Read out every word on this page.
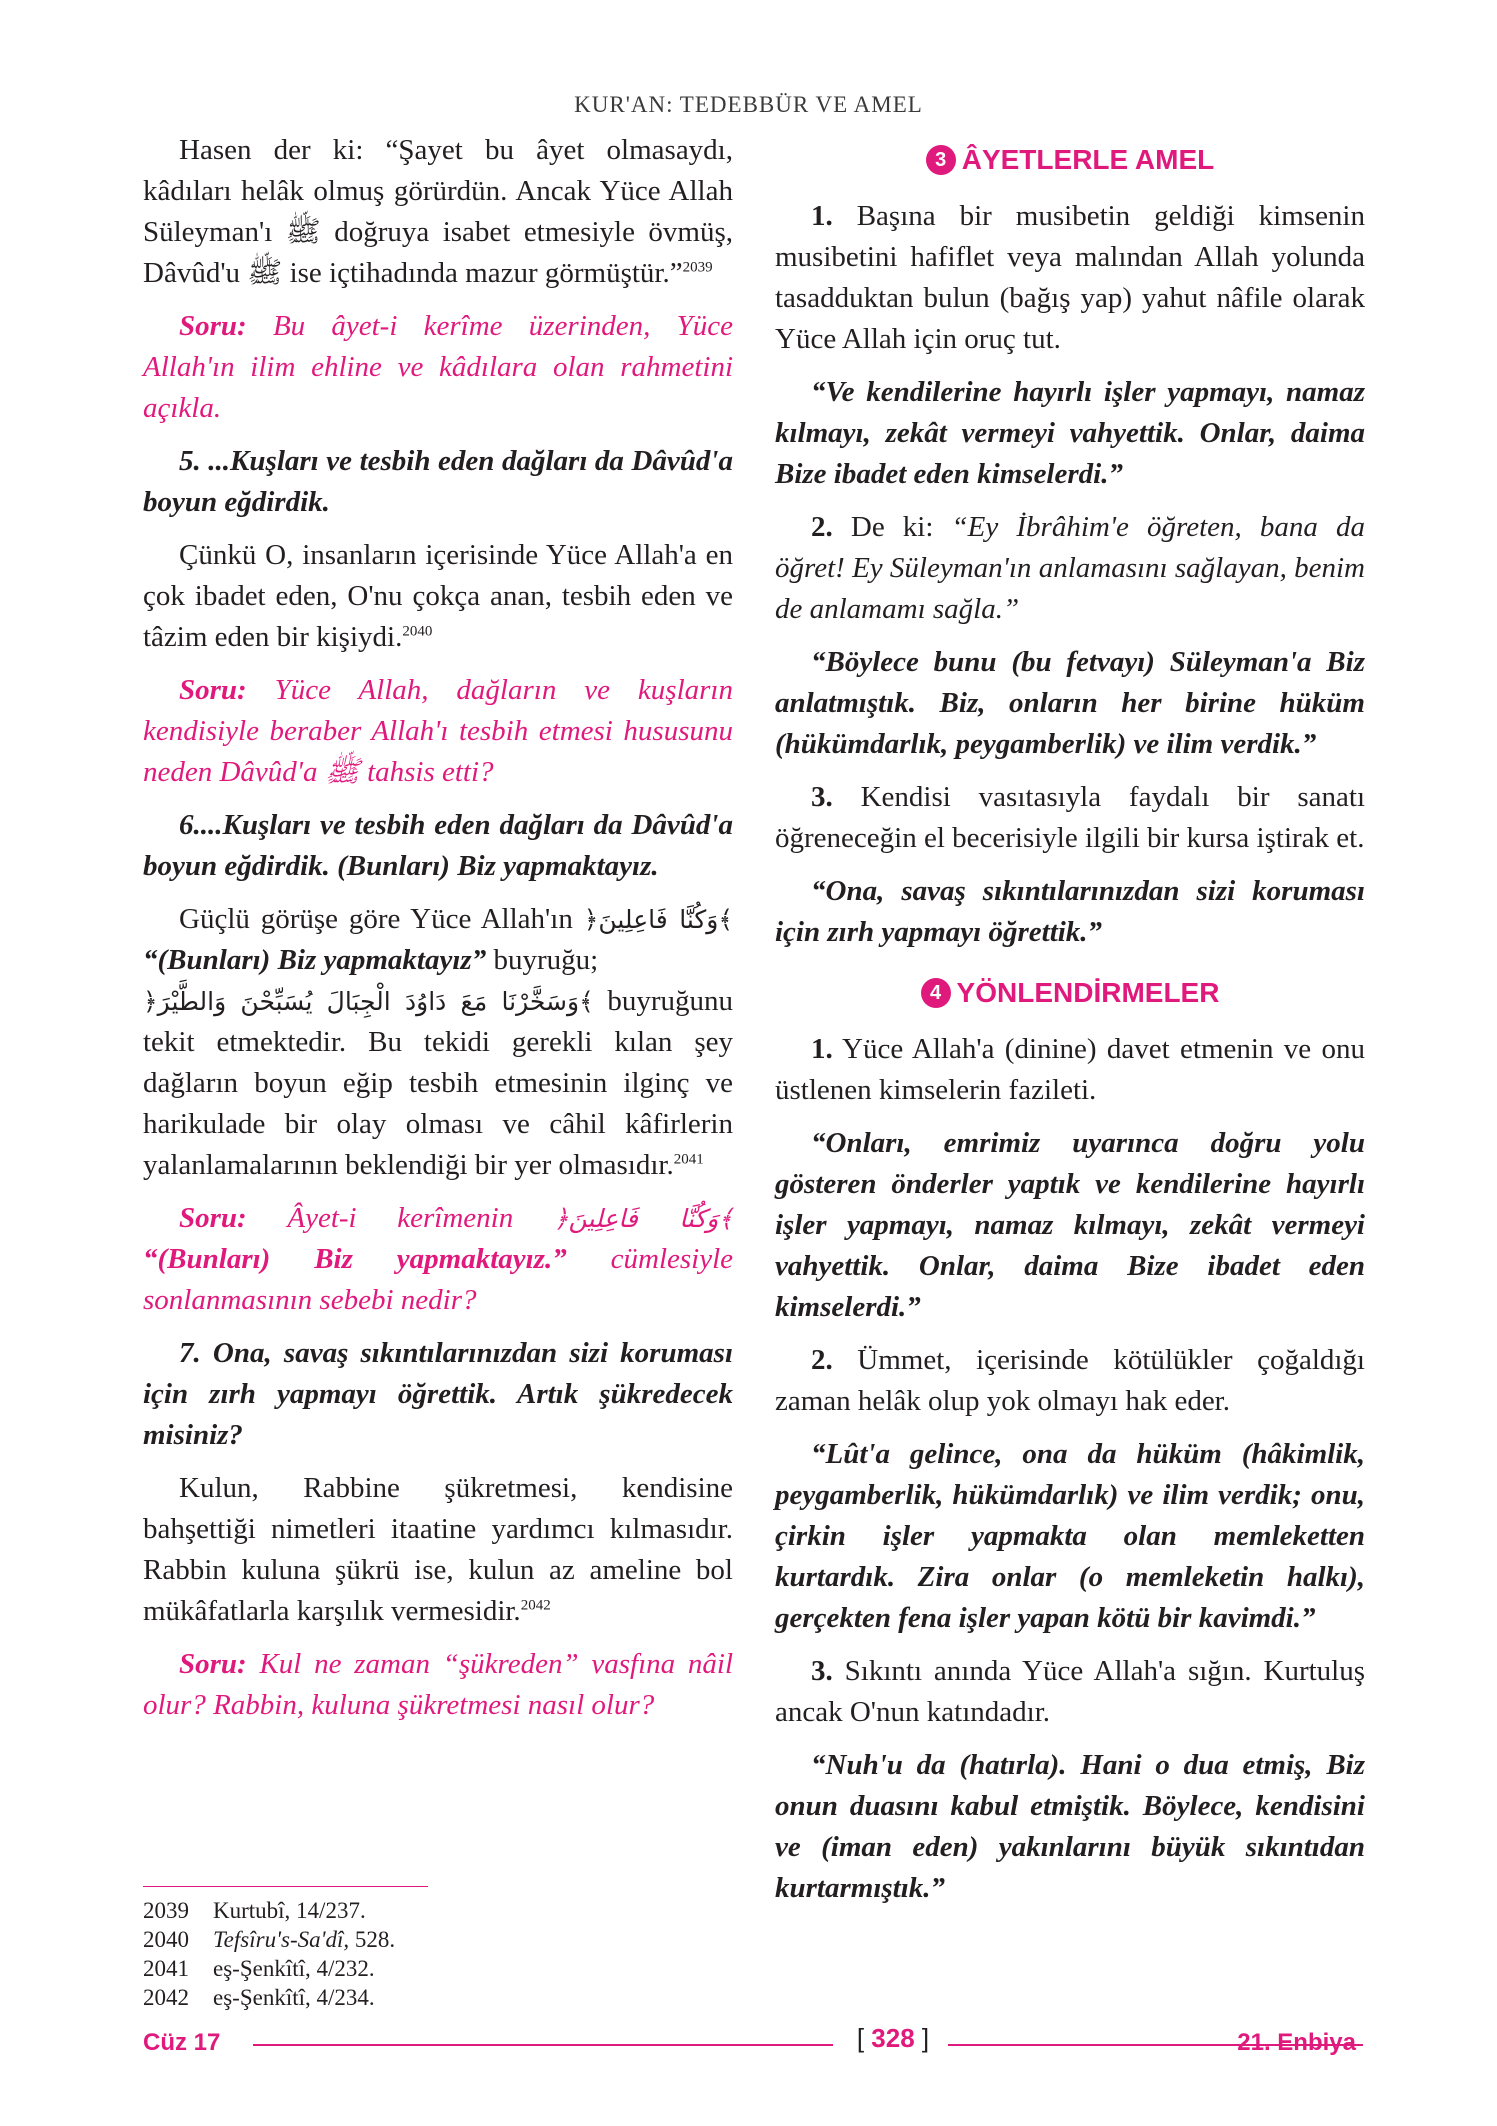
KUR'AN: TEDEBBÜR VE AMEL

Hasen der ki: “Şayet bu âyet olmasaydı, kâdıları helâk olmuş görürdün. Ancak Yüce Allah Süleyman'ı ﷺ doğruya isabet etmesiyle övmüş, Dâvûd'u ﷺ ise içtihadında mazur görmüştür.”$^{2039}$

Soru: Bu âyet-i kerîme üzerinden, Yüce Allah'ın ilim ehline ve kâdılara olan rahmetini açıkla.

5. ...Kuşları ve tesbih eden dağları da Dâvûd'a boyun eğdirdik.

Çünkü O, insanların içerisinde Yüce Allah'a en çok ibadet eden, O'nu çokça anan, tesbih eden ve tâzim eden bir kişiydi.$^{2040}$

Soru: Yüce Allah, dağların ve kuşların kendisiyle beraber Allah'ı tesbih etmesi hususunu neden Dâvûd'a ﷺ tahsis etti?

6....Kuşları ve tesbih eden dağları da Dâvûd'a boyun eğdirdik. (Bunları) Biz yapmaktayız.

Güçlü görüşe göre Yüce Allah'ın ﴿وَكُنَّا فَاعِلِينَ﴾ “(Bunları) Biz yapmaktayız” buyruğu;

﴿وَسَخَّرْنَا مَعَ دَاوُدَ الْجِبَالَ يُسَبِّحْنَ وَالطَّيْرَ﴾ buyruğunu tekit etmektedir. Bu tekidi gerekli kılan şey dağların boyun eğip tesbih etmesinin ilginç ve harikulade bir olay olması ve câhil kâfirlerin yalanlamalarının beklendiği bir yer olmasıdır.$^{2041}$

Soru: Âyet-i kerîmenin ﴿وَكُنَّا فَاعِلِينَ﴾ “(Bunları) Biz yapmaktayız.” cümlesiyle sonlanmasının sebebi nedir?

7. Ona, savaş sıkıntılarınızdan sizi koruması için zırh yapmayı öğrettik. Artık şükredecek misiniz?

Kulun, Rabbine şükretmesi, kendisine bahşettiği nimetleri itaatine yardımcı kılmasıdır. Rabbin kuluna şükrü ise, kulun az ameline bol mükâfatlarla karşılık vermesidir.$^{2042}$

Soru: Kul ne zaman “şükreden” vasfına nâil olur? Rabbin, kuluna şükretmesi nasıl olur?

3 ÂYETLERLE AMEL

1. Başına bir musibetin geldiği kimsenin musibetini hafiflet veya malından Allah yolunda tasadduktan bulun (bağış yap) yahut nâfile olarak Yüce Allah için oruç tut.

“Ve kendilerine hayırlı işler yapmayı, namaz kılmayı, zekât vermeyi vahyettik. Onlar, daima Bize ibadet eden kimselerdi.”

2. De ki: “Ey İbrâhim'e öğreten, bana da öğret! Ey Süleyman'ın anlamasını sağlayan, benim de anlamamı sağla.”

“Böylece bunu (bu fetvayı) Süleyman'a Biz anlatmıştık. Biz, onların her birine hüküm (hükümdarlık, peygamberlik) ve ilim verdik.”

3. Kendisi vasıtasıyla faydalı bir sanatı öğreneceğin el becerisiyle ilgili bir kursa iştirak et.

“Ona, savaş sıkıntılarınızdan sizi koruması için zırh yapmayı öğrettik.”

4 YÖNLENDİRMELER

1. Yüce Allah'a (dinine) davet etmenin ve onu üstlenen kimselerin fazileti.

“Onları, emrimiz uyarınca doğru yolu gösteren önderler yaptık ve kendilerine hayırlı işler yapmayı, namaz kılmayı, zekât vermeyi vahyettik. Onlar, daima Bize ibadet eden kimselerdi.”

2. Ümmet, içerisinde kötülükler çoğaldığı zaman helâk olup yok olmayı hak eder.

“Lût'a gelince, ona da hüküm (hâkimlik, peygamberlik, hükümdarlık) ve ilim verdik; onu, çirkin işler yapmakta olan memleketten kurtardık. Zira onlar (o memleketin halkı), gerçekten fena işler yapan kötü bir kavimdi.”

3. Sıkıntı anında Yüce Allah'a sığın. Kurtuluş ancak O'nun katındadır.

“Nuh'u da (hatırla). Hani o dua etmiş, Biz onun duasını kabul etmiştik. Böylece, kendisini ve (iman eden) yakınlarını büyük sıkıntıdan kurtarmıştık.”

2039 Kurtubî, 14/237.
2040 Tefsîru's-Sa'dî, 528.
2041 eş-Şenkîtî, 4/232.
2042 eş-Şenkîtî, 4/234.
Cüz 17	[ 328 ]	21. Enbiya
